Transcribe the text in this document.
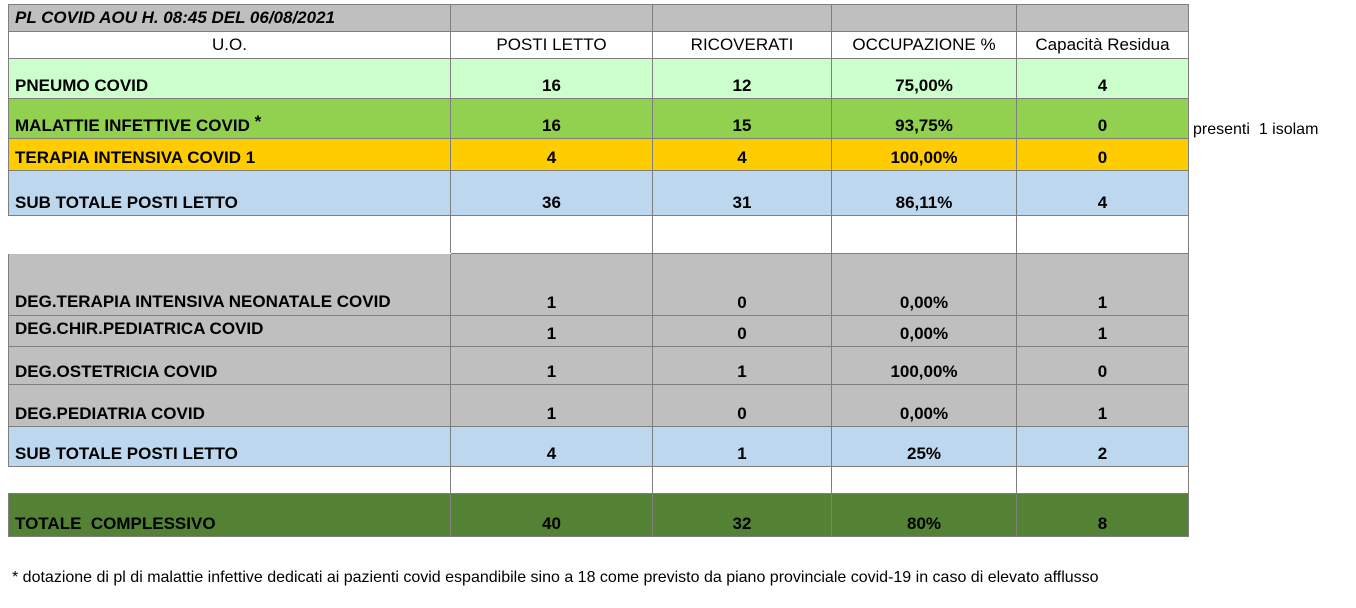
PL COVID AOU H. 08:45 DEL 06/08/2021				
U.O.	POSTI LETTO	RICOVERATI	OCCUPAZIONE %	Capacità Residua
PNEUMO COVID	16	12	75,00%	4
MALATTIE INFETTIVE COVID *	16	15	93,75%	0
TERAPIA INTENSIVA COVID 1	4	4	100,00%	0
SUB TOTALE POSTI LETTO	36	31	86,11%	4

DEG.TERAPIA INTENSIVA NEONATALE COVID	1	0	0,00%	1
DEG.CHIR.PEDIATRICA COVID	1	0	0,00%	1
DEG.OSTETRICIA COVID	1	1	100,00%	0
DEG.PEDIATRIA COVID	1	0	0,00%	1
SUB TOTALE POSTI LETTO	4	1	25%	2

TOTALE  COMPLESSIVO	40	32	80%	8
presenti  1 isolam
* dotazione di pl di malattie infettive dedicati ai pazienti covid espandibile sino a 18 come previsto da piano provinciale covid-19 in caso di elevato afflusso
